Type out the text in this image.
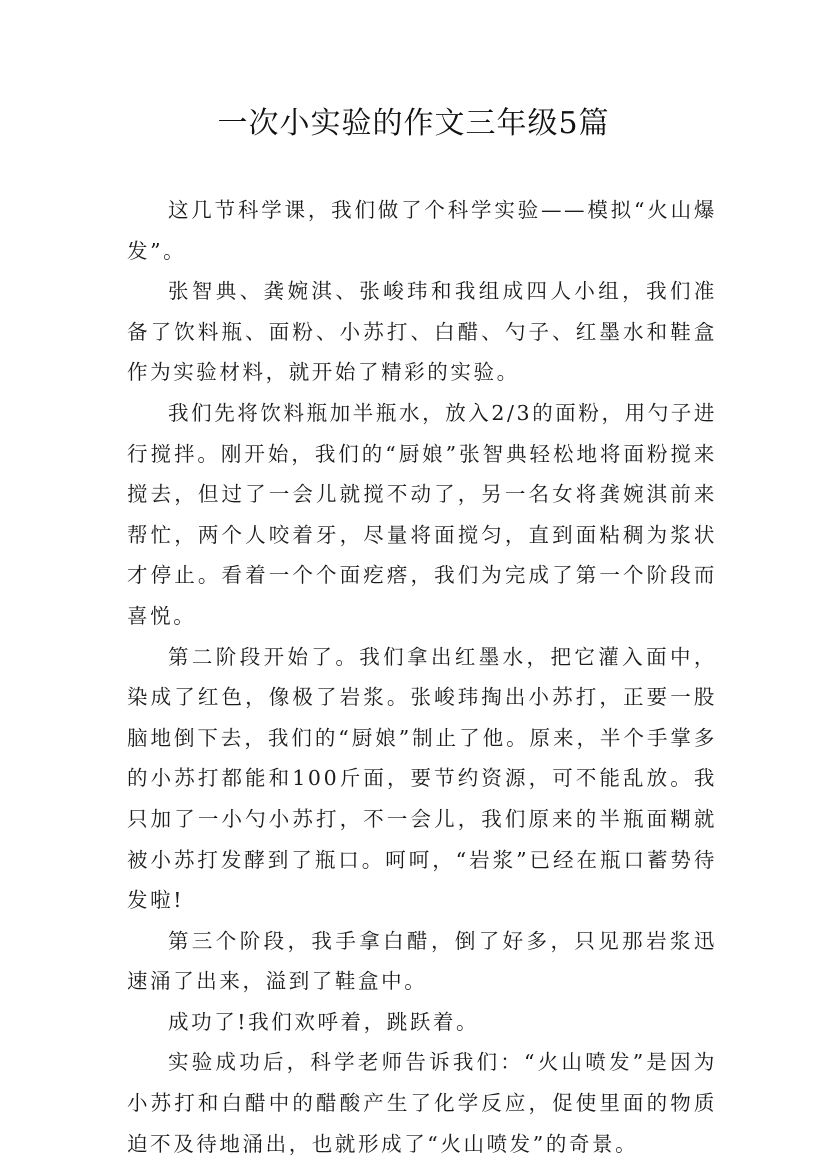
一次小实验的作文三年级5篇

这几节科学课，我们做了个科学实验——模拟“火山爆发”。

张智典、龚婉淇、张峻玮和我组成四人小组，我们准备了饮料瓶、面粉、小苏打、白醋、勺子、红墨水和鞋盒作为实验材料，就开始了精彩的实验。

我们先将饮料瓶加半瓶水，放入2/3的面粉，用勺子进行搅拌。刚开始，我们的“厨娘”张智典轻松地将面粉搅来搅去，但过了一会儿就搅不动了，另一名女将龚婉淇前来帮忙，两个人咬着牙，尽量将面搅匀，直到面粘稠为浆状才停止。看着一个个面疙瘩，我们为完成了第一个阶段而喜悦。

第二阶段开始了。我们拿出红墨水，把它灌入面中，染成了红色，像极了岩浆。张峻玮掏出小苏打，正要一股脑地倒下去，我们的“厨娘”制止了他。原来，半个手掌多的小苏打都能和100斤面，要节约资源，可不能乱放。我只加了一小勺小苏打，不一会儿，我们原来的半瓶面糊就被小苏打发酵到了瓶口。呵呵，“岩浆”已经在瓶口蓄势待发啦!

第三个阶段，我手拿白醋，倒了好多，只见那岩浆迅速涌了出来，溢到了鞋盒中。

成功了!我们欢呼着，跳跃着。

实验成功后，科学老师告诉我们：“火山喷发”是因为小苏打和白醋中的醋酸产生了化学反应，促使里面的物质迫不及待地涌出，也就形成了“火山喷发”的奇景。
